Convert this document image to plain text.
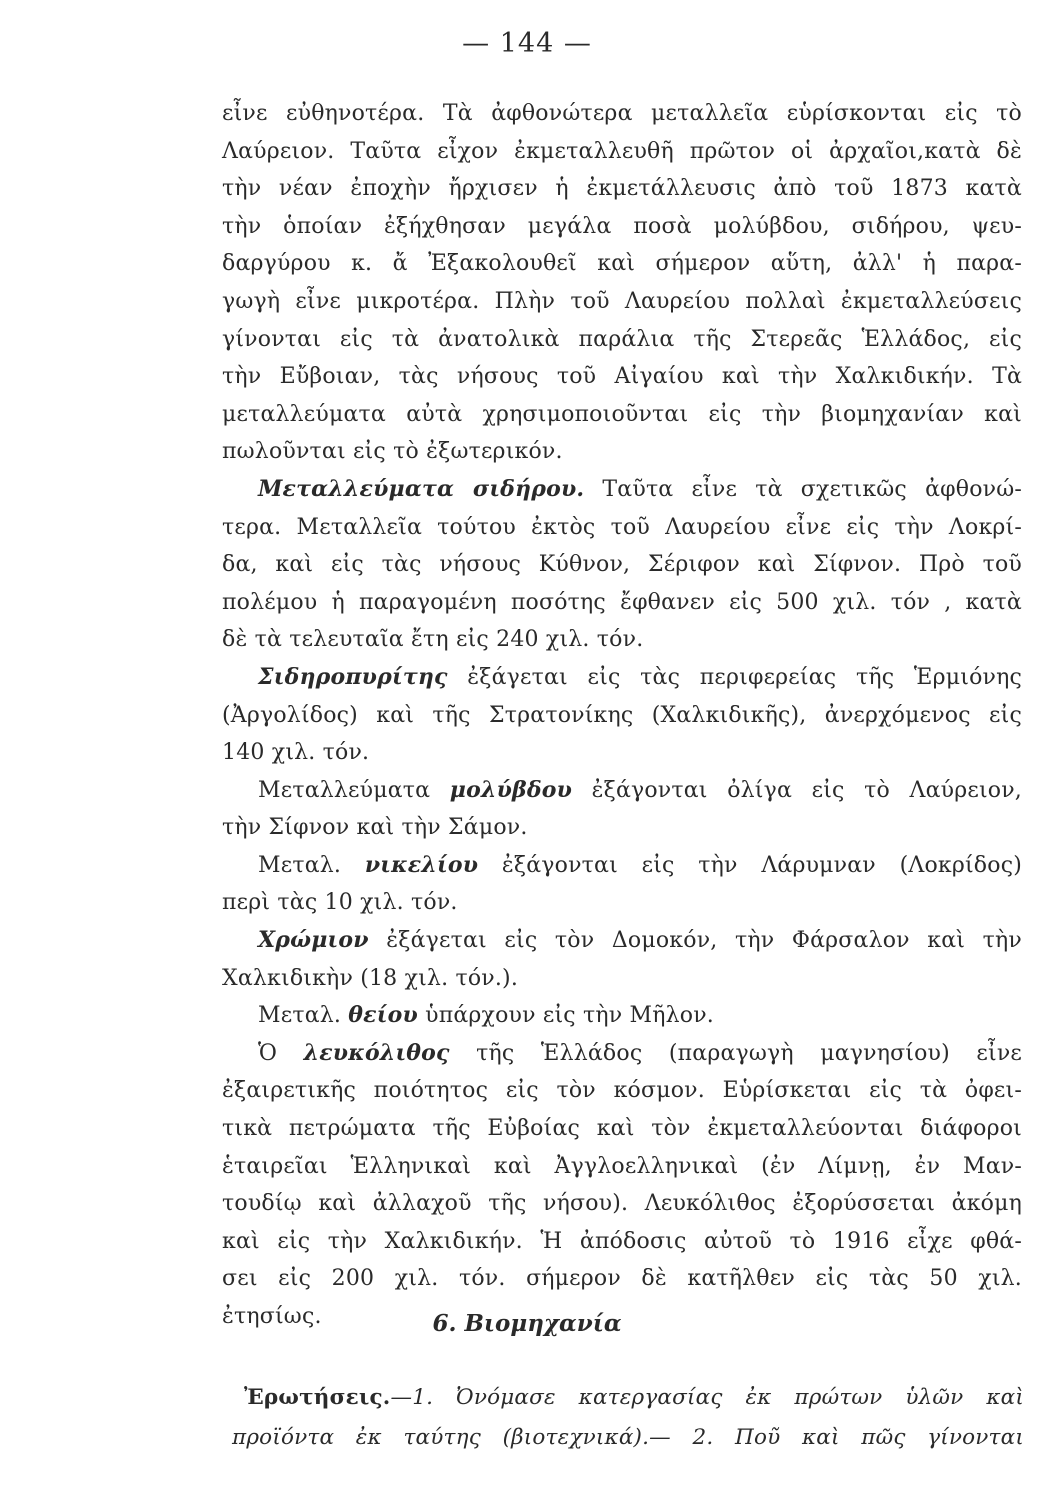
— 144 —
εἶνε εὐθηνοτέρα. Τὰ ἀφθονώτερα μεταλλεῖα εὑρίσκονται εἰς τὸ
Λαύρειον. Ταῦτα εἶχον ἐκμεταλλευθῆ πρῶτον οἱ ἀρχαῖοι,κατὰ δὲ
τὴν νέαν ἐποχὴν ἤρχισεν ἡ ἐκμετάλλευσις ἀπὸ τοῦ 1873 κατὰ
τὴν ὁποίαν ἐξήχθησαν μεγάλα ποσὰ μολύβδου, σιδήρου, ψευ-
δαργύρου κ. ἄ Ἐξακολουθεῖ καὶ σήμερον αὕτη, ἀλλ' ἡ παρα-
γωγὴ εἶνε μικροτέρα. Πλὴν τοῦ Λαυρείου πολλαὶ ἐκμεταλλεύσεις
γίνονται εἰς τὰ ἀνατολικὰ παράλια τῆς Στερεᾶς Ἑλλάδος, εἰς
τὴν Εὔβοιαν, τὰς νήσους τοῦ Αἰγαίου καὶ τὴν Χαλκιδικήν. Τὰ
μεταλλεύματα αὐτὰ χρησιμοποιοῦνται εἰς τὴν βιομηχανίαν καὶ
πωλοῦνται εἰς τὸ ἐξωτερικόν.
Μεταλλεύματα σιδήρου. Ταῦτα εἶνε τὰ σχετικῶς ἀφθονώ-
τερα. Μεταλλεῖα τούτου ἐκτὸς τοῦ Λαυρείου εἶνε εἰς τὴν Λοκρί-
δα, καὶ εἰς τὰς νήσους Κύθνον, Σέριφον καὶ Σίφνον. Πρὸ τοῦ
πολέμου ἡ παραγομένη ποσότης ἔφθανεν εἰς 500 χιλ. τόν , κατὰ
δὲ τὰ τελευταῖα ἔτη εἰς 240 χιλ. τόν.
Σιδηροπυρίτης ἐξάγεται εἰς τὰς περιφερείας τῆς Ἑρμιόνης
(Ἀργολίδος) καὶ τῆς Στρατονίκης (Χαλκιδικῆς), ἀνερχόμενος εἰς
140 χιλ. τόν.
Μεταλλεύματα μολύβδου ἐξάγονται ὀλίγα εἰς τὸ Λαύρειον,
τὴν Σίφνον καὶ τὴν Σάμον.
Μεταλ. νικελίου ἐξάγονται εἰς τὴν Λάρυμναν (Λοκρίδος)
περὶ τὰς 10 χιλ. τόν.
Χρώμιον ἐξάγεται εἰς τὸν Δομοκόν, τὴν Φάρσαλον καὶ τὴν
Χαλκιδικὴν (18 χιλ. τόν.).
Μεταλ. θείου ὑπάρχουν εἰς τὴν Μῆλον.
Ὁ λευκόλιθος τῆς Ἑλλάδος (παραγωγὴ μαγνησίου) εἶνε
ἐξαιρετικῆς ποιότητος εἰς τὸν κόσμον. Εὑρίσκεται εἰς τὰ ὀφει-
τικὰ πετρώματα τῆς Εὐβοίας καὶ τὸν ἐκμεταλλεύονται διάφοροι
ἑταιρεῖαι Ἑλληνικαὶ καὶ Ἀγγλοελληνικαὶ (ἐν Λίμνῃ, ἐν Μαν-
τουδίῳ καὶ ἀλλαχοῦ τῆς νήσου). Λευκόλιθος ἐξορύσσεται ἀκόμη
καὶ εἰς τὴν Χαλκιδικήν. Ἡ ἀπόδοσις αὐτοῦ τὸ 1916 εἶχε φθά-
σει εἰς 200 χιλ. τόν. σήμερον δὲ κατῆλθεν εἰς τὰς 50 χιλ.
ἐτησίως.	6. Βιομηχανία
Ἐρωτήσεις.—1. Ὀνόμασε κατεργασίας ἐκ πρώτων ὑλῶν καὶ
προϊόντα ἐκ ταύτης (βιοτεχνικά).— 2. Ποῦ καὶ πῶς γίνονται
